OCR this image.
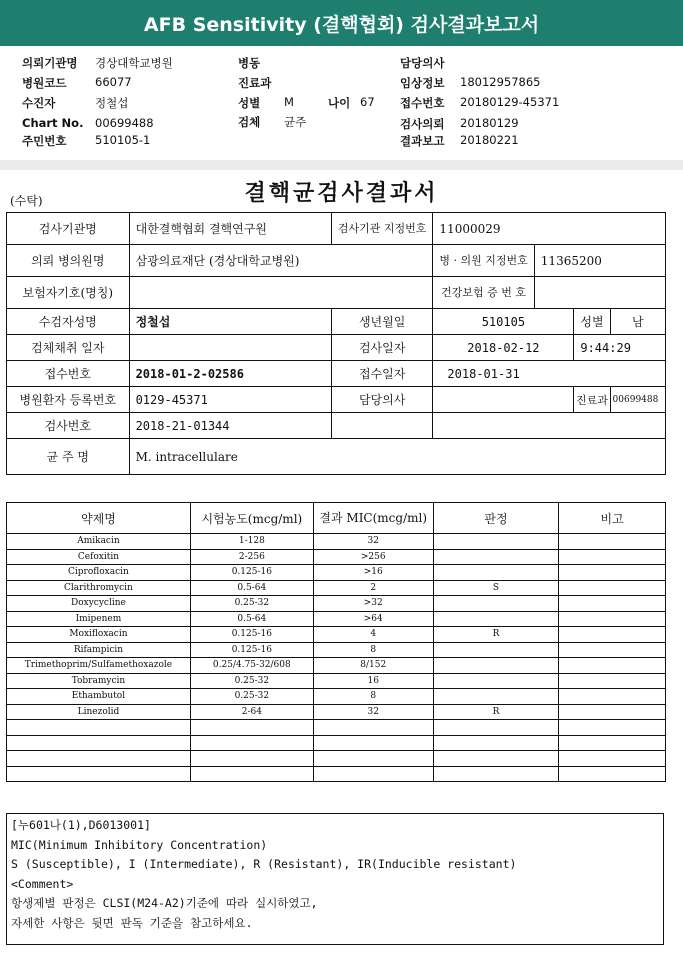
AFB Sensitivity (결핵협회) 검사결과보고서
의뢰기관명 경상대학교병원	병동	담당의사
병원코드 66077	진료과	임상정보 18012957865
수진자	정철섭	성별 M	나이 67 접수번호 20180129-45371
Chart No. 00699488	검체 균주	검사의뢰 20180129
주민번호 510105-1	결과보고 20180221
(수탁)	결핵균검사결과서
검사기관명	대한결핵협회 결핵연구원	검사기관 지정번호	11000029			
의뢰 병의원명	삼광의료재단 (경상대학교병원)		병 · 의원 지정번호	11365200		
보험자기호(명칭)			건강보험 증 번 호			
수검자성명	정철섭	생년월일	510105		성별	남
검체채취 일자		검사일자	2018-02-12		9:44:29	
접수번호	2018-01-2-02586	접수일자	2018-01-31			
병원환자 등록번호	0129-45371	담당의사			진료과	00699488
검사번호	2018-21-01344					
균 주 명	M. intracellulare					
약제명	시험농도(mcg/ml)	결과 MIC(mcg/ml)	판정	비고
Amikacin	1-128	32		
Cefoxitin	2-256	>256		
Ciprofloxacin	0.125-16	>16		
Clarithromycin	0.5-64	2	S	
Doxycycline	0.25-32	>32		
Imipenem	0.5-64	>64		
Moxifloxacin	0.125-16	4	R	
Rifampicin	0.125-16	8		
Trimethoprim/Sulfamethoxazole	0.25/4.75-32/608	8/152		
Tobramycin	0.25-32	16		
Ethambutol	0.25-32	8		
Linezolid	2-64	32	R	

[누601나(1),D6013001]
MIC(Minimum Inhibitory Concentration)
S (Susceptible), I (Intermediate), R (Resistant), IR(Inducible resistant)
<Comment>
항생제별 판정은 CLSI(M24-A2)기준에 따라 실시하였고,
자세한 사항은 뒷면 판독 기준을 참고하세요.
